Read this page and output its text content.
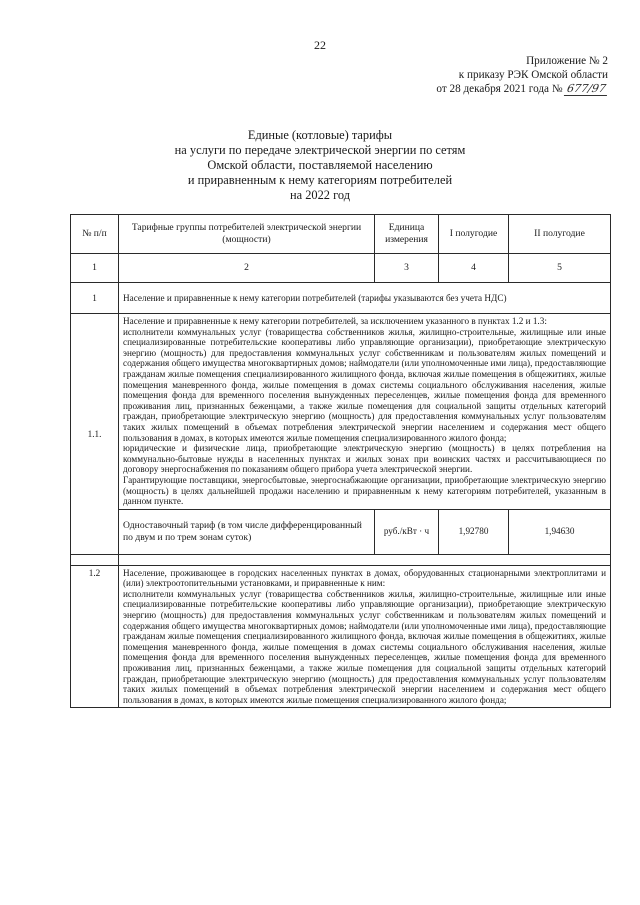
22
Приложение № 2
к приказу РЭК Омской области
от 28 декабря 2021 года № 677/97
Единые (котловые) тарифы
на услуги по передаче электрической энергии по сетям
Омской области, поставляемой населению
и приравненным к нему категориям потребителей
на 2022 год
№ п/п	Тарифные группы потребителей электрической энергии (мощности)	Единица измерения	I полугодие	II полугодие
1	2	3	4	5
1	Население и приравненные к нему категории потребителей (тарифы указываются без учета НДС)			
1.1.	Население и приравненные к нему категории потребителей, за исключением указанного в пунктах 1.2 и 1.3:

исполнители коммунальных услуг (товарищества собственников жилья, жилищно-строительные, жилищные или иные специализированные потребительские кооперативы либо управляющие организации), приобретающие электрическую энергию (мощность) для предоставления коммунальных услуг собственникам и пользователям жилых помещений и содержания общего имущества многоквартирных домов; наймодатели (или уполномоченные ими лица), предоставляющие гражданам жилые помещения специализированного жилищного фонда, включая жилые помещения в общежитиях, жилые помещения маневренного фонда, жилые помещения в домах системы социального обслуживания населения, жилые помещения фонда для временного поселения вынужденных переселенцев, жилые помещения фонда для временного проживания лиц, признанных беженцами, а также жилые помещения для социальной защиты отдельных категорий граждан, приобретающие электрическую энергию (мощность) для предоставления коммунальных услуг пользователям таких жилых помещений в объемах потребления электрической энергии населением и содержания мест общего пользования в домах, в которых имеются жилые помещения специализированного жилого фонда;

юридические и физические лица, приобретающие электрическую энергию (мощность) в целях потребления на коммунально-бытовые нужды в населенных пунктах и жилых зонах при воинских частях и рассчитывающиеся по договору энергоснабжения по показаниям общего прибора учета электрической энергии.

Гарантирующие поставщики, энергосбытовые, энергоснабжающие организации, приобретающие электрическую энергию (мощность) в целях дальнейшей продажи населению и приравненным к нему категориям потребителей, указанным в данном пункте.			

	Одноставочный тариф (в том числе дифференцированный по двум и по трем зонам суток)	руб./кВт · ч	1,92780	1,94630

1.2	Население, проживающее в городских населенных пунктах в домах, оборудованных стационарными электроплитами и (или) электроотопительными установками, и приравненные к ним:

исполнители коммунальных услуг (товарищества собственников жилья, жилищно-строительные, жилищные или иные специализированные потребительские кооперативы либо управляющие организации), приобретающие электрическую энергию (мощность) для предоставления коммунальных услуг собственникам и пользователям жилых помещений и содержания общего имущества многоквартирных домов; наймодатели (или уполномоченные ими лица), предоставляющие гражданам жилые помещения специализированного жилищного фонда, включая жилые помещения в общежитиях, жилые помещения маневренного фонда, жилые помещения в домах системы социального обслуживания населения, жилые помещения фонда для временного поселения вынужденных переселенцев, жилые помещения фонда для временного проживания лиц, признанных беженцами, а также жилые помещения для социальной защиты отдельных категорий граждан, приобретающие электрическую энергию (мощность) для предоставления коммунальных услуг пользователям таких жилых помещений в объемах потребления электрической энергии населением и содержания мест общего пользования в домах, в которых имеются жилые помещения специализированного жилого фонда;			
